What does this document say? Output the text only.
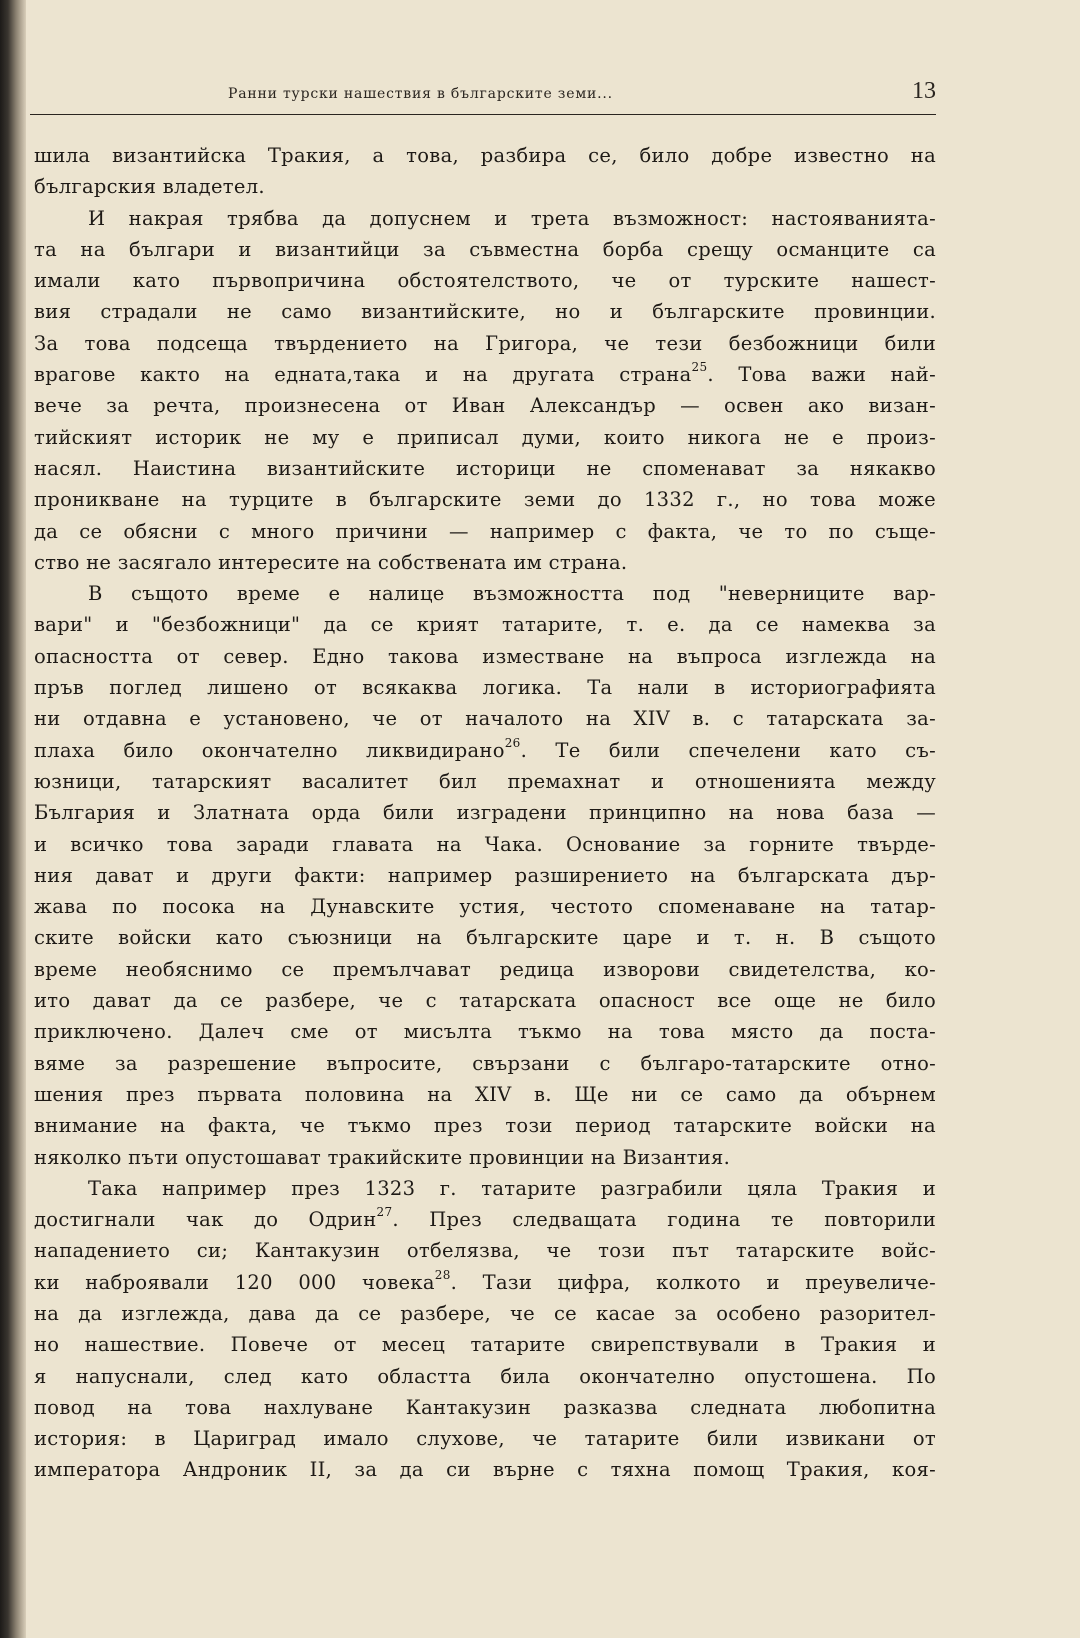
Ранни турски нашествия в българските земи...	13
шила византийска Тракия, а това, разбира се, било добре известно на
българския владетел.
И накрая трябва да допуснем и трета възможност: настояванията-
та на българи и византийци за съвместна борба срещу османците са
имали като първопричина обстоятелството, че от турските нашест-
вия страдали не само византийските, но и българските провинции.
За това подсеща твърдението на Григора, че тези безбожници били
врагове както на едната,така и на другата страна$^{25}$. Това важи най-
вече за речта, произнесена от Иван Александър — освен ако визан-
тийският историк не му е приписал думи, които никога не е произ-
насял. Наистина византийските историци не споменават за някакво
проникване на турците в българските земи до 1332 г., но това може
да се обясни с много причини — например с факта, че то по съще-
ство не засягало интересите на собствената им страна.
В същото време е налице възможността под "неверниците вар-
вари" и "безбожници" да се крият татарите, т. е. да се намеква за
опасността от север. Едно такова изместване на въпроса изглежда на
пръв поглед лишено от всякаква логика. Та нали в историографията
ни отдавна е установено, че от началото на XIV в. с татарската за-
плаха било окончателно ликвидирано$^{26}$. Те били спечелени като съ-
юзници, татарският васалитет бил премахнат и отношенията между
България и Златната орда били изградени принципно на нова база —
и всичко това заради главата на Чака. Основание за горните твърде-
ния дават и други факти: например разширението на българската дър-
жава по посока на Дунавските устия, честото споменаване на татар-
ските войски като съюзници на българските царе и т. н. В същото
време необяснимо се премълчават редица изворови свидетелства, ко-
ито дават да се разбере, че с татарската опасност все още не било
приключено. Далеч сме от мисълта тъкмо на това място да поста-
вяме за разрешение въпросите, свързани с българо-татарските отно-
шения през първата половина на XIV в. Ще ни се само да обърнем
внимание на факта, че тъкмо през този период татарските войски на
няколко пъти опустошават тракийските провинции на Византия.
Така например през 1323 г. татарите разграбили цяла Тракия и
достигнали чак до Одрин$^{27}$. През следващата година те повторили
нападението си; Кантакузин отбелязва, че този път татарските войс-
ки наброявали 120 000 човека$^{28}$. Тази цифра, колкото и преувеличе-
на да изглежда, дава да се разбере, че се касае за особено разорител-
но нашествие. Повече от месец татарите свирепствували в Тракия и
я напуснали, след като областта била окончателно опустошена. По
повод на това нахлуване Кантакузин разказва следната любопитна
история: в Цариград имало слухове, че татарите били извикани от
императора Андроник II, за да си върне с тяхна помощ Тракия, коя-
